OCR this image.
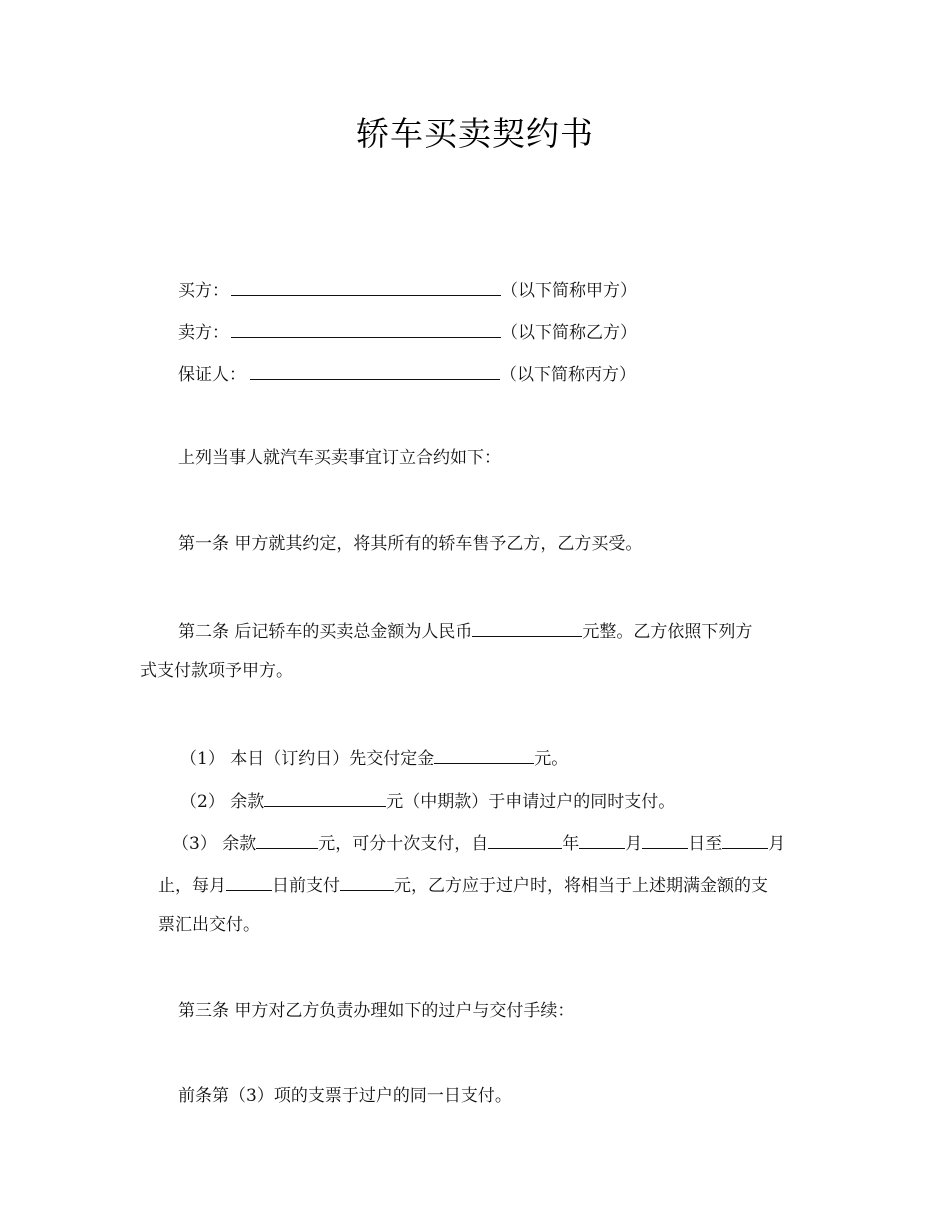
轿车买卖契约书
买方：	（以下简称甲方）
卖方：	（以下简称乙方）
保证人：	（以下简称丙方）
上列当事人就汽车买卖事宜订立合约如下：
第一条 甲方就其约定，将其所有的轿车售予乙方，乙方买受。
第二条 后记轿车的买卖总金额为人民币	元整。乙方依照下列方
式支付款项予甲方。
（1） 本日（订约日）先交付定金	元。
（2） 余款	元（中期款）于申请过户的同时支付。
（3） 余款	元，可分十次支付，自	年	月	日至	月
止，每月	日前支付	元，乙方应于过户时，将相当于上述期满金额的支
票汇出交付。
第三条 甲方对乙方负责办理如下的过户与交付手续：
前条第（3）项的支票于过户的同一日支付。
